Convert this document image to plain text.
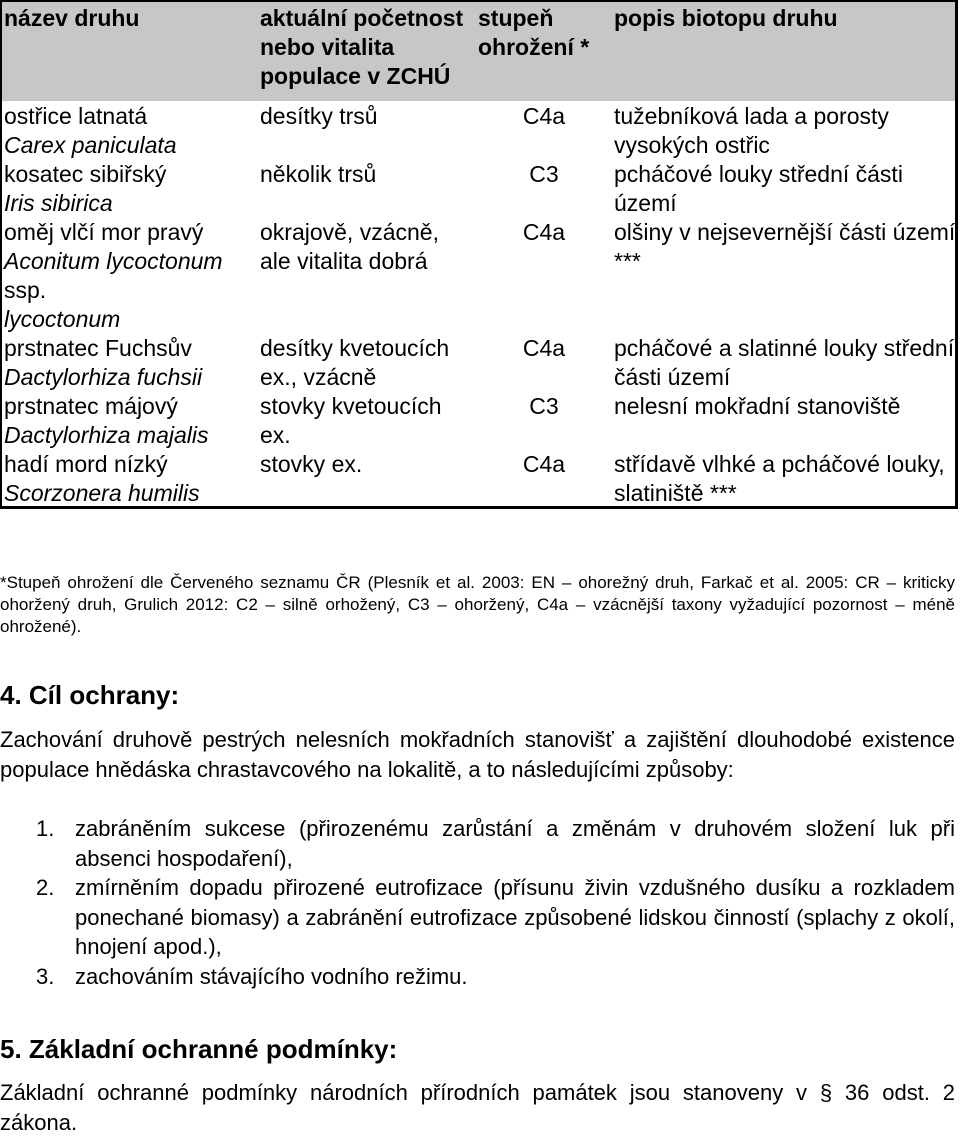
název druhu	aktuální početnost nebo vitalita populace v ZCHÚ	stupeň ohrožení *	popis biotopu druhu
ostřice latnatá
Carex paniculata	desítky trsů	C4a	tužebníková lada a porosty vysokých ostřic
kosatec sibiřský
Iris sibirica	několik trsů	C3	pcháčové louky střední části území
oměj vlčí mor pravý
Aconitum lycoctonum ssp.
lycoctonum	okrajově, vzácně, ale vitalita dobrá	C4a	olšiny v nejsevernější části území ***
prstnatec Fuchsův
Dactylorhiza fuchsii	desítky kvetoucích ex., vzácně	C4a	pcháčové a slatinné louky střední části území
prstnatec májový
Dactylorhiza majalis	stovky kvetoucích ex.	C3	nelesní mokřadní stanoviště
hadí mord nízký
Scorzonera humilis	stovky ex.	C4a	střídavě vlhké a pcháčové louky, slatiniště ***
*Stupeň ohrožení dle Červeného seznamu ČR (Plesník et al. 2003: EN – ohorežný druh, Farkač et al. 2005: CR – kriticky ohoržený druh, Grulich 2012: C2 – silně orhožený, C3 – ohoržený, C4a – vzácnější taxony vyžadující pozornost – méně ohrožené).
4. Cíl ochrany:
Zachování druhově pestrých nelesních mokřadních stanovišť a zajištění dlouhodobé existence populace hnědáska chrastavcového na lokalitě, a to následujícími způsoby:
1. zabráněním sukcese (přirozenému zarůstání a změnám v druhovém složení luk při absenci hospodaření),
2. zmírněním dopadu přirozené eutrofizace (přísunu živin vzdušného dusíku a rozkladem ponechané biomasy) a zabránění eutrofizace způsobené lidskou činností (splachy z okolí, hnojení apod.),
3. zachováním stávajícího vodního režimu.
5. Základní ochranné podmínky:
Základní ochranné podmínky národních přírodních památek jsou stanoveny v § 36 odst. 2 zákona.
